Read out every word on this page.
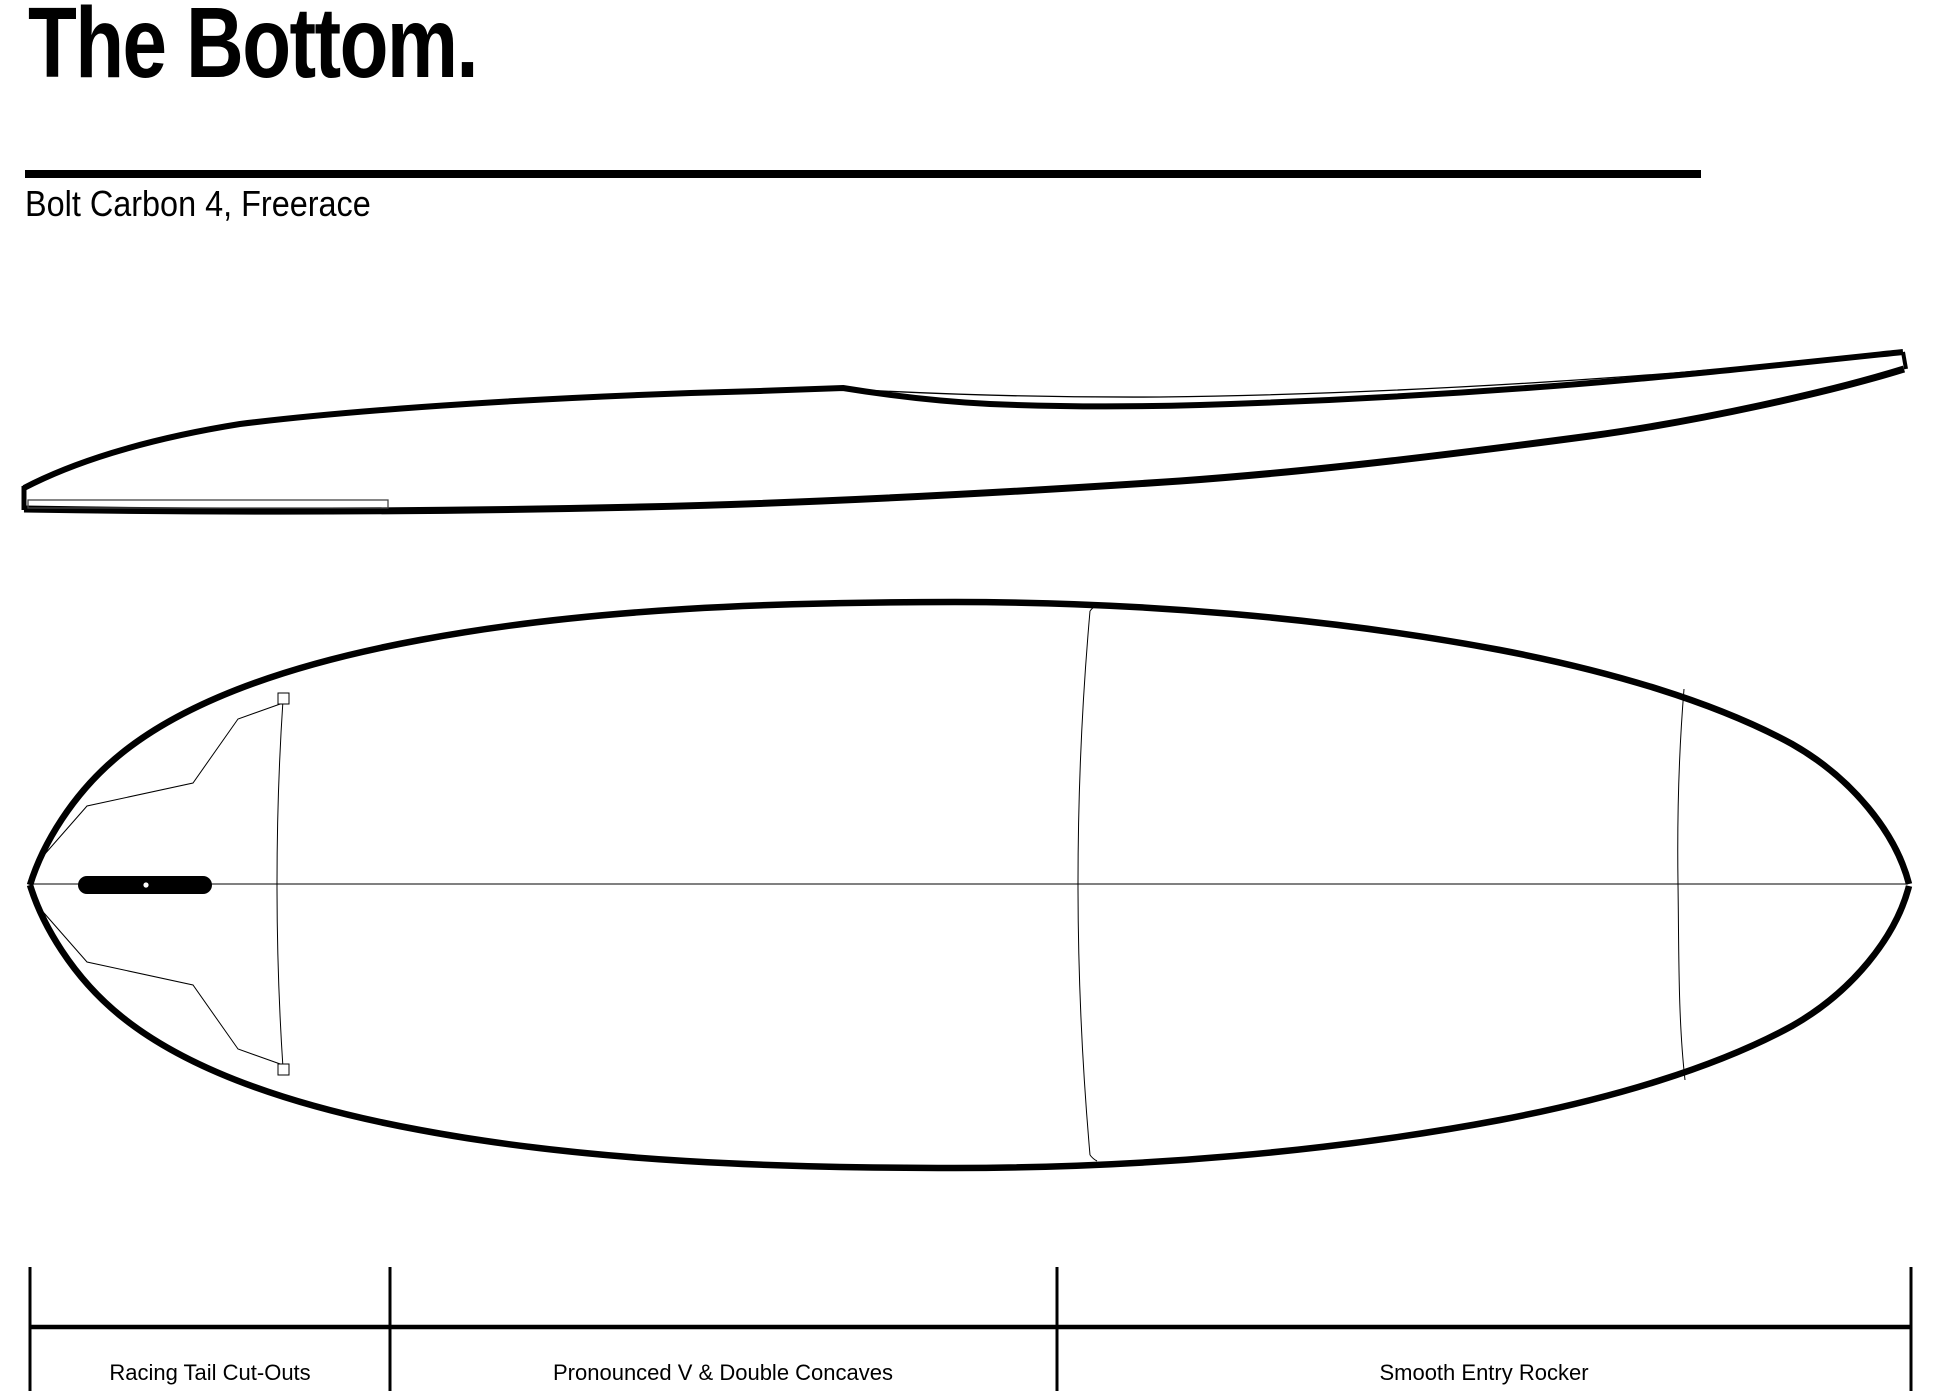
The Bottom.
Bolt Carbon 4, Freerace
Racing Tail Cut-Outs	Pronounced V & Double Concaves	Smooth Entry Rocker
